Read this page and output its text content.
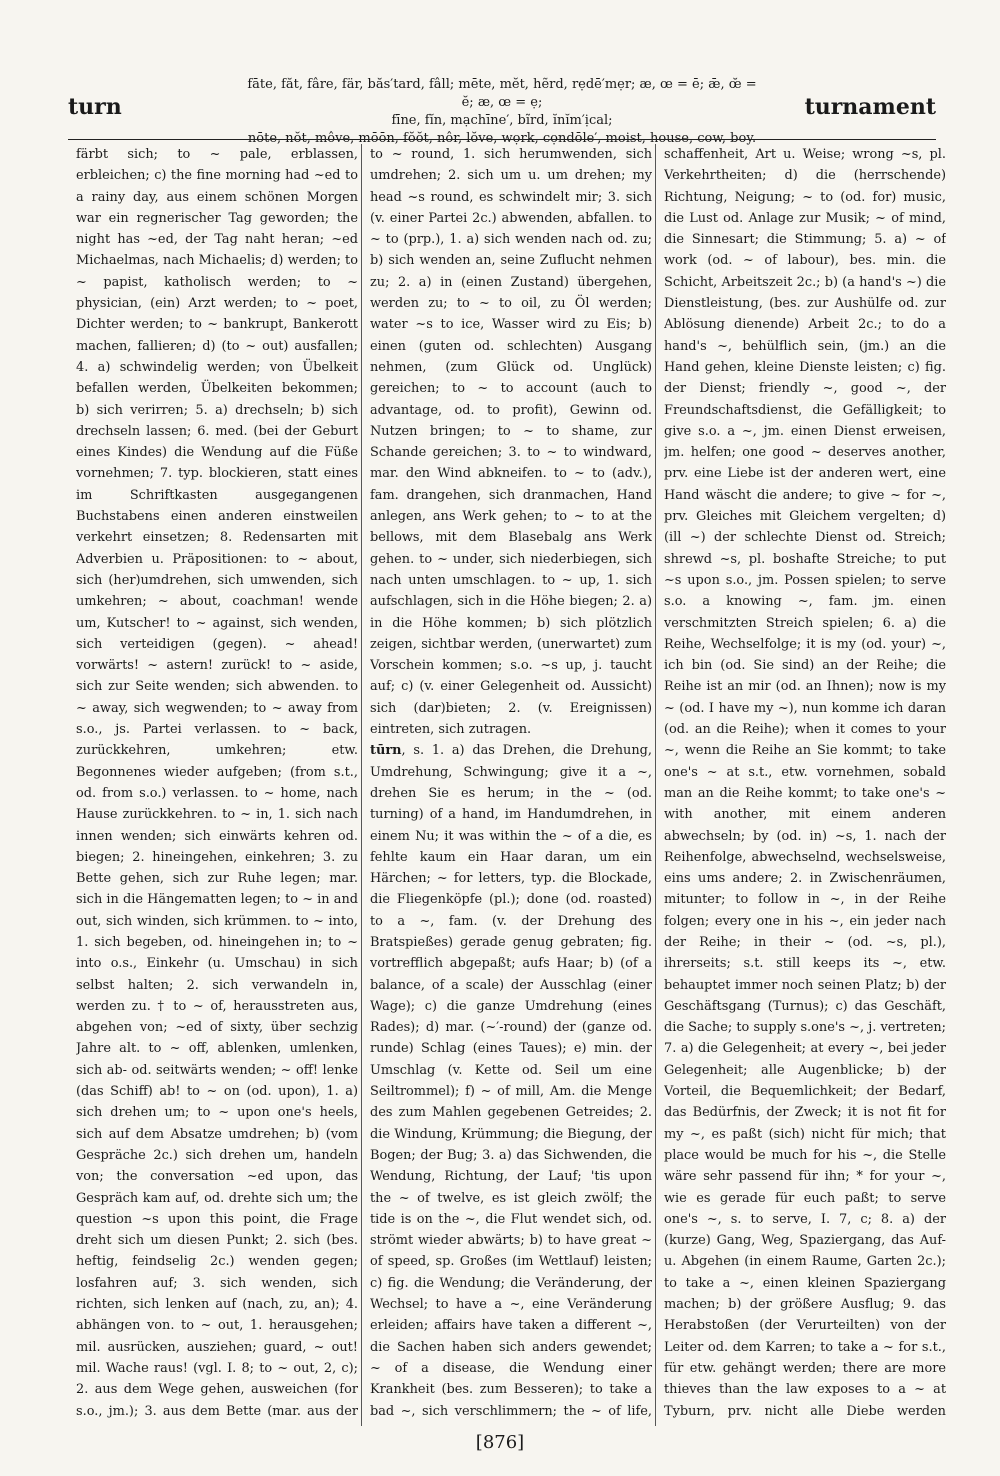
turn
fāte, făt, fâre, fär, băs′tard, fâll; mēte, mĕt, hẽrd, rẹdē′mẹr; æ, œ = ē; ǣ, œ̆ = ĕ; æ, œ = ẹ;
fīne, fĭn, mạchīne′, bĩrd, ĭnĭm′ịcal;
nōte, nŏt, môve, mōōn, fŏŏt, nôr, lŏve, wọrk, cọndōle′, moist, house, cow, boy.
turnament

färbt sich; to ~ pale, erblassen, erbleichen; c) the fine morning had ~ed to a rainy day, aus einem schönen Morgen war ein regnerischer Tag geworden; the night has ~ed, der Tag naht heran; ~ed Michaelmas, nach Michaelis; d) werden; to ~ papist, katholisch werden; to ~ physician, (ein) Arzt werden; to ~ poet, Dichter werden; to ~ bankrupt, Bankerott machen, fallieren; d) (to ~ out) ausfallen; 4. a) schwindelig werden; von Übelkeit befallen werden, Übelkeiten bekommen; b) sich verirren; 5. a) drechseln; b) sich drechseln lassen; 6. med. (bei der Geburt eines Kindes) die Wendung auf die Füße vornehmen; 7. typ. blockieren, statt eines im Schriftkasten ausgegangenen Buchstabens einen anderen einstweilen verkehrt einsetzen; 8. Redensarten mit Adverbien u. Präpositionen: to ~ about, sich (her)umdrehen, sich umwenden, sich umkehren; ~ about, coachman! wende um, Kutscher! to ~ against, sich wenden, sich verteidigen (gegen). ~ ahead! vorwärts! ~ astern! zurück! to ~ aside, sich zur Seite wenden; sich abwenden. to ~ away, sich wegwenden; to ~ away from s.o., js. Partei verlassen. to ~ back, zurückkehren, umkehren; etw. Begonnenes wieder aufgeben; (from s.t., od. from s.o.) verlassen. to ~ home, nach Hause zurückkehren. to ~ in, 1. sich nach innen wenden; sich einwärts kehren od. biegen; 2. hineingehen, einkehren; 3. zu Bette gehen, sich zur Ruhe legen; mar. sich in die Hängematten legen; to ~ in and out, sich winden, sich krümmen. to ~ into, 1. sich begeben, od. hineingehen in; to ~ into o.s., Einkehr (u. Umschau) in sich selbst halten; 2. sich verwandeln in, werden zu. † to ~ of, herausstreten aus, abgehen von; ~ed of sixty, über sechzig Jahre alt. to ~ off, ablenken, umlenken, sich ab- od. seitwärts wenden; ~ off! lenke (das Schiff) ab! to ~ on (od. upon), 1. a) sich drehen um; to ~ upon one's heels, sich auf dem Absatze umdrehen; b) (vom Gespräche 2c.) sich drehen um, handeln von; the conversation ~ed upon, das Gespräch kam auf, od. drehte sich um; the question ~s upon this point, die Frage dreht sich um diesen Punkt; 2. sich (bes. heftig, feindselig 2c.) wenden gegen; losfahren auf; 3. sich wenden, sich richten, sich lenken auf (nach, zu, an); 4. abhängen von. to ~ out, 1. herausgehen; mil. ausrücken, ausziehen; guard, ~ out! mil. Wache raus! (vgl. I. 8; to ~ out, 2, c); 2. aus dem Wege gehen, ausweichen (for s.o., jm.); 3. aus dem Bette (mar. aus der

to ~ round, 1. sich herumwenden, sich umdrehen; 2. sich um u. um drehen; my head ~s round, es schwindelt mir; 3. sich (v. einer Partei 2c.) abwenden, abfallen. to ~ to (prp.), 1. a) sich wenden nach od. zu; b) sich wenden an, seine Zuflucht nehmen zu; 2. a) in (einen Zustand) übergehen, werden zu; to ~ to oil, zu Öl werden; water ~s to ice, Wasser wird zu Eis; b) einen (guten od. schlechten) Ausgang nehmen, (zum Glück od. Unglück) gereichen; to ~ to account (auch to advantage, od. to profit), Gewinn od. Nutzen bringen; to ~ to shame, zur Schande gereichen; 3. to ~ to windward, mar. den Wind abkneifen. to ~ to (adv.), fam. drangehen, sich dranmachen, Hand anlegen, ans Werk gehen; to ~ to at the bellows, mit dem Blasebalg ans Werk gehen. to ~ under, sich niederbiegen, sich nach unten umschlagen. to ~ up, 1. sich aufschlagen, sich in die Höhe biegen; 2. a) in die Höhe kommen; b) sich plötzlich zeigen, sichtbar werden, (unerwartet) zum Vorschein kommen; s.o. ~s up, j. taucht auf; c) (v. einer Gelegenheit od. Aussicht) sich (dar)bieten; 2. (v. Ereignissen) eintreten, sich zutragen.

tūrn, s. 1. a) das Drehen, die Drehung, Umdrehung, Schwingung; give it a ~, drehen Sie es herum; in the ~ (od. turning) of a hand, im Handumdrehen, in einem Nu; it was within the ~ of a die, es fehlte kaum ein Haar daran, um ein Härchen; ~ for letters, typ. die Blockade, die Fliegenköpfe (pl.); done (od. roasted) to a ~, fam. (v. der Drehung des Bratspießes) gerade genug gebraten; fig. vortrefflich abgepaßt; aufs Haar; b) (of a balance, of a scale) der Ausschlag (einer Wage); c) die ganze Umdrehung (eines Rades); d) mar. (~′-round) der (ganze od. runde) Schlag (eines Taues); e) min. der Umschlag (v. Kette od. Seil um eine Seiltrommel); f) ~ of mill, Am. die Menge des zum Mahlen gegebenen Getreides; 2. die Windung, Krümmung; die Biegung, der Bogen; der Bug; 3. a) das Sichwenden, die Wendung, Richtung, der Lauf; 'tis upon the ~ of twelve, es ist gleich zwölf; the tide is on the ~, die Flut wendet sich, od. strömt wieder abwärts; b) to have great ~ of speed, sp. Großes (im Wettlauf) leisten; c) fig. die Wendung; die Veränderung, der Wechsel; to have a ~, eine Veränderung erleiden; affairs have taken a different ~, die Sachen haben sich anders gewendet; ~ of a disease, die Wendung einer Krankheit (bes. zum Besseren); to take a bad ~, sich verschlimmern; the ~ of life,

schaffenheit, Art u. Weise; wrong ~s, pl. Verkehrtheiten; d) die (herrschende) Richtung, Neigung; ~ to (od. for) music, die Lust od. Anlage zur Musik; ~ of mind, die Sinnesart; die Stimmung; 5. a) ~ of work (od. ~ of labour), bes. min. die Schicht, Arbeitszeit 2c.; b) (a hand's ~) die Dienstleistung, (bes. zur Aushülfe od. zur Ablösung dienende) Arbeit 2c.; to do a hand's ~, behülflich sein, (jm.) an die Hand gehen, kleine Dienste leisten; c) fig. der Dienst; friendly ~, good ~, der Freundschaftsdienst, die Gefälligkeit; to give s.o. a ~, jm. einen Dienst erweisen, jm. helfen; one good ~ deserves another, prv. eine Liebe ist der anderen wert, eine Hand wäscht die andere; to give ~ for ~, prv. Gleiches mit Gleichem vergelten; d) (ill ~) der schlechte Dienst od. Streich; shrewd ~s, pl. boshafte Streiche; to put ~s upon s.o., jm. Possen spielen; to serve s.o. a knowing ~, fam. jm. einen verschmitzten Streich spielen; 6. a) die Reihe, Wechselfolge; it is my (od. your) ~, ich bin (od. Sie sind) an der Reihe; die Reihe ist an mir (od. an Ihnen); now is my ~ (od. I have my ~), nun komme ich daran (od. an die Reihe); when it comes to your ~, wenn die Reihe an Sie kommt; to take one's ~ at s.t., etw. vornehmen, sobald man an die Reihe kommt; to take one's ~ with another, mit einem anderen abwechseln; by (od. in) ~s, 1. nach der Reihenfolge, abwechselnd, wechselsweise, eins ums andere; 2. in Zwischenräumen, mitunter; to follow in ~, in der Reihe folgen; every one in his ~, ein jeder nach der Reihe; in their ~ (od. ~s, pl.), ihrerseits; s.t. still keeps its ~, etw. behauptet immer noch seinen Platz; b) der Geschäftsgang (Turnus); c) das Geschäft, die Sache; to supply s.one's ~, j. vertreten; 7. a) die Gelegenheit; at every ~, bei jeder Gelegenheit; alle Augenblicke; b) der Vorteil, die Bequemlichkeit; der Bedarf, das Bedürfnis, der Zweck; it is not fit for my ~, es paßt (sich) nicht für mich; that place would be much for his ~, die Stelle wäre sehr passend für ihn; * for your ~, wie es gerade für euch paßt; to serve one's ~, s. to serve, I. 7, c; 8. a) der (kurze) Gang, Weg, Spaziergang, das Auf- u. Abgehen (in einem Raume, Garten 2c.); to take a ~, einen kleinen Spaziergang machen; b) der größere Ausflug; 9. das Herabstoßen (der Verurteilten) von der Leiter od. dem Karren; to take a ~ for s.t., für etw. gehängt werden; there are more thieves than the law exposes to a ~ at Tyburn, prv. nicht alle Diebe werden

[876]
